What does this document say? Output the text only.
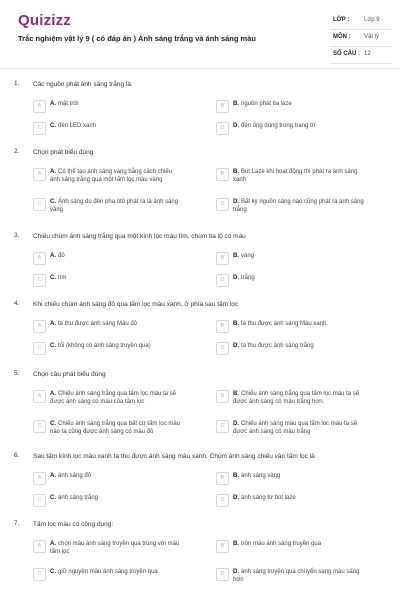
Quizizz
Trắc nghiệm vật lý 9 ( có đáp án ) Ánh sáng trắng và ánh sáng màu
LỚP : Lớp 9
MÔN : Vật lý
SỐ CÂU : 12
1. Các nguồn phát ánh sáng trắng là:
A	A. mặt trời	B	B. nguồn phát tia laze
C	C. đèn LED xanh	D	D. đèn ống dùng trong trang trí
2. Chọn phát biểu đúng
A	A. Có thể tạo ánh sáng vàng bằng cách chiếu ánh sáng trắng qua một tấm lọc màu vàng
B	B. Bút Laze khi hoạt động thì phát ra ánh sáng xanh
C	C. Ánh sáng do đèn pha ôtô phát ra là ánh sáng vàng
D	D. Bất kỳ nguồn sáng nào cũng phát ra ánh sáng trắng
3. Chiếu chùm ánh sáng trắng qua một kính lọc màu tím, chùm tia ló có màu
A	A. đỏ	B	B. vàng
C	C. tím	D	D. trắng
4. Khi chiếu chùm ánh sáng đỏ qua tấm lọc màu xanh, ở phía sau tấm lọc
A	A. ta thu được ánh sáng Màu đỏ	B	B. ta thu được ánh sáng Màu xanh.
C	C. tối (không có ánh sáng truyền qua)	D	D. ta thu được ánh sáng trắng
5. Chọn câu phát biểu đúng
A	A. Chiếu ánh sáng trắng qua tấm lọc màu ta sẽ được ánh sáng có màu của tấm lọc
B	B. Chiếu ánh sáng trắng qua tấm lọc màu ta sẽ được ánh sáng có màu trắng hơn.
C	C. Chiếu ánh sáng trắng qua bất cứ tấm lọc màu nào ta cũng được ánh sáng có màu đỏ
D	D. Chiếu ánh sáng màu qua tấm lọc màu ta sẽ được ánh sáng có màu trắng
6. Sau tấm kính lọc màu xanh ta thu được ánh sáng màu xanh. Chùm ánh sáng chiếu vào tấm lọc là
A	A. ánh sáng đỏ	B	B. ánh sáng vàng
C	C. ánh sáng trắng	D	D. ánh sáng từ bút laze
7. Tấm lọc màu có công dụng:
A	A. chọn màu ánh sáng truyền qua trùng với màu tấm lọc
B	B. trộn màu ánh sáng truyền qua
C	C. giữ nguyên màu ánh sáng truyền qua	D	D. ánh sáng truyền qua chuyển sang màu sáng hơn
